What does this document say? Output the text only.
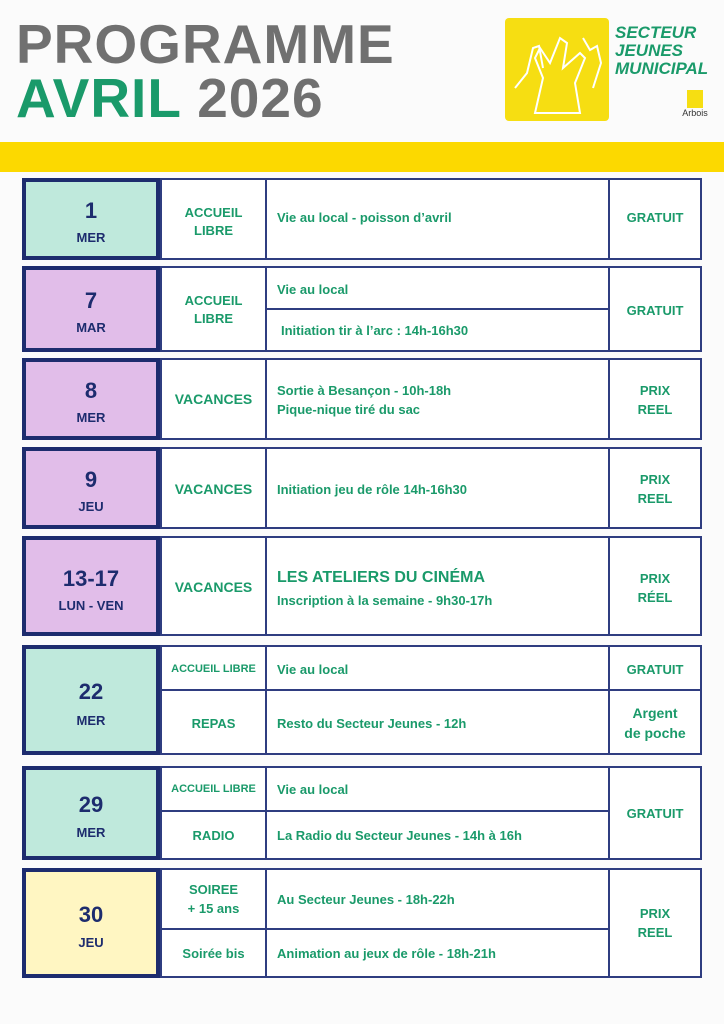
PROGRAMME
AVRIL 2026
SECTEUR
JEUNES
MUNICIPAL
Arbois
1
MER
ACCUEIL LIBRE
Vie au local - poisson d’avril	GRATUIT
7
MAR
ACCUEIL LIBRE
Vie au local
Initiation tir à l’arc : 14h-16h30
GRATUIT
8
MER
VACANCES
Sortie à Besançon - 10h-18h
Pique-nique tiré du sac
PRIX
REEL
9
JEU
VACANCES	Initiation jeu de rôle 14h-16h30
PRIX
REEL
13-17
LUN - VEN
VACANCES
LES ATELIERS DU CINÉMA
Inscription à la semaine - 9h30-17h
PRIX
RÉEL
22
MER
ACCUEIL LIBRE
REPAS
Vie au local
Resto du Secteur Jeunes - 12h
GRATUIT
Argent
de poche
29
MER
ACCUEIL LIBRE
RADIO
Vie au local
La Radio du Secteur Jeunes - 14h à 16h
GRATUIT
30
JEU
SOIREE
+ 15 ans
Soirée bis
Au Secteur Jeunes - 18h-22h
Animation au jeux de rôle - 18h-21h
PRIX
REEL
